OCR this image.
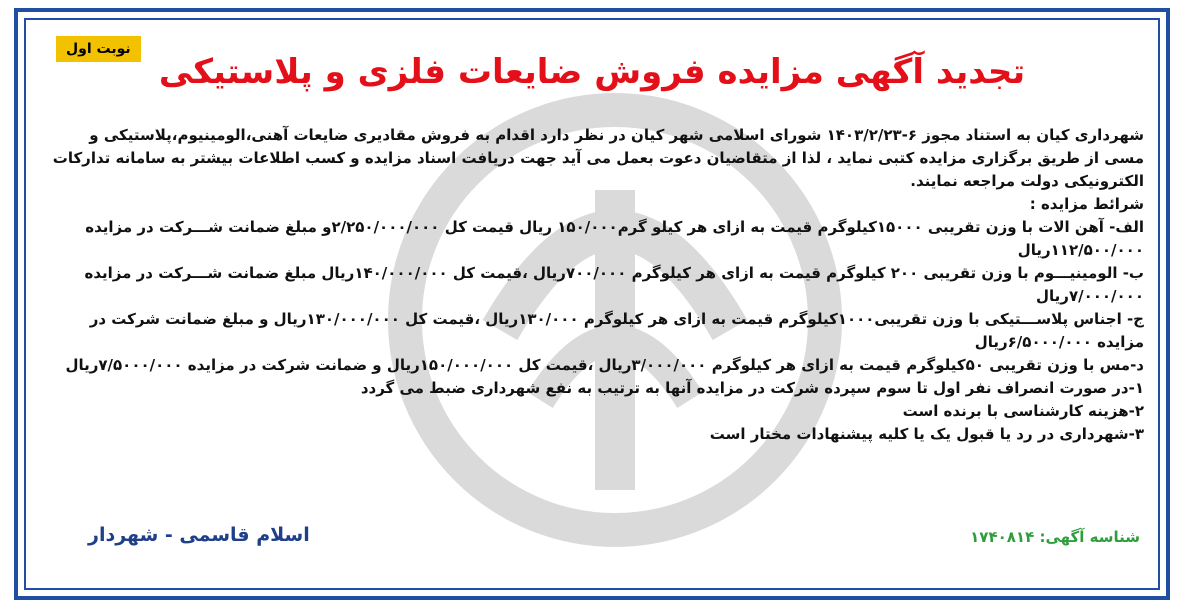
نوبت اول
تجدید آگهی مزایده فروش ضایعات فلزی و پلاستیکی

شهرداری کیان به استناد مجوز ۶-۱۴۰۳/۲/۲۳ شورای اسلامی شهر کیان در نظر دارد اقدام به فروش مقادیری ضایعات آهنی،الومینیوم،پلاستیکی و

مسی از طریق برگزاری مزایده کتبی نماید ، لذا از متقاضیان دعوت بعمل می آید جهت دریافت اسناد مزایده و کسب اطلاعات بیشتر به سامانه تدارکات

الکترونیکی دولت مراجعه نمایند.

شرائط مزایده :

الف- آهن الات با وزن تقریبی ۱۵۰۰۰کیلوگرم قیمت به ازای هر کیلو گرم۱۵۰/۰۰۰ ریال قیمت کل ۲/۲۵۰/۰۰۰/۰۰۰و مبلغ ضمانت شـــرکت در مزایده

۱۱۲/۵۰۰/۰۰۰ریال

ب- الومینیـــوم با وزن تقریبی ۲۰۰ کیلوگرم قیمت به ازای هر کیلوگرم ۷۰۰/۰۰۰ریال ،قیمت کل ۱۴۰/۰۰۰/۰۰۰ریال مبلغ ضمانت شـــرکت در مزایده

۷/۰۰۰/۰۰۰ریال

ج- اجناس پلاســـتیکی با وزن تقریبی۱۰۰۰کیلوگرم قیمت به ازای هر کیلوگرم ۱۳۰/۰۰۰ریال ،قیمت کل ۱۳۰/۰۰۰/۰۰۰ریال و مبلغ ضمانت شرکت در

مزایده ۶/۵۰۰۰/۰۰۰ریال

د-مس با وزن تقریبی ۵۰کیلوگرم قیمت به ازای هر کیلوگرم ۳/۰۰۰/۰۰۰ریال ،قیمت کل ۱۵۰/۰۰۰/۰۰۰ریال و ضمانت شرکت در مزایده ۷/۵۰۰۰/۰۰۰ریال

۱-در صورت انصراف نفر اول تا سوم سپرده شرکت در مزایده آنها به ترتیب به نفع شهرداری ضبط می گردد

۲-هزینه کارشناسی با برنده است

۳-شهرداری در رد یا قبول یک یا کلیه پیشنهادات مختار است

شناسه آگهی: ۱۷۴۰۸۱۴
اسلام قاسمی - شهردار
